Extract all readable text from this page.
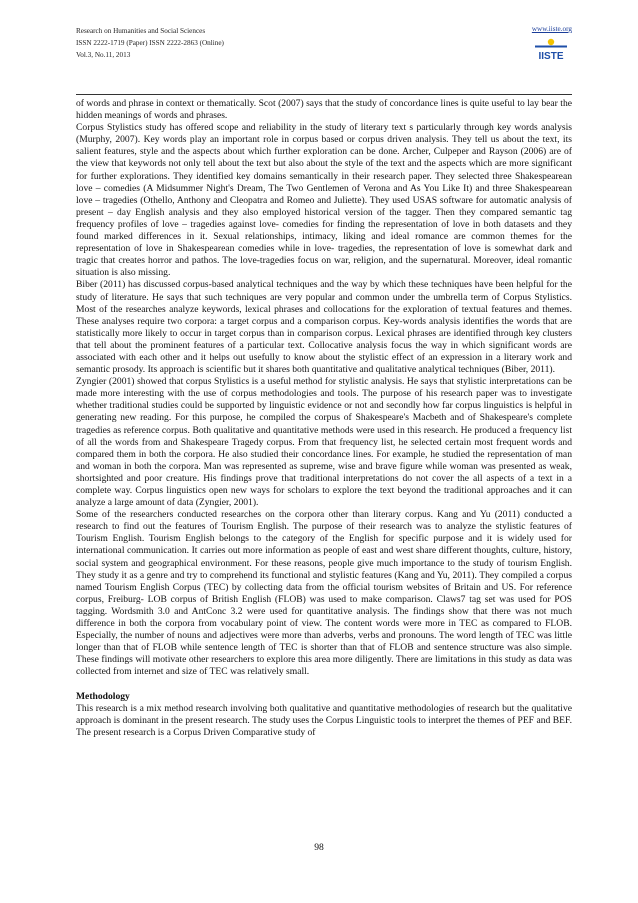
Research on Humanities and Social Sciences
ISSN 2222-1719 (Paper) ISSN 2222-2863 (Online)
Vol.3, No.11, 2013
www.iiste.org
IISTE

of words and phrase in context or thematically. Scot (2007) says that the study of concordance lines is quite useful to lay bear the hidden meanings of words and phrases.

Corpus Stylistics study has offered scope and reliability in the study of literary text s particularly through key words analysis (Murphy, 2007). Key words play an important role in corpus based or corpus driven analysis. They tell us about the text, its salient features, style and the aspects about which further exploration can be done. Archer, Culpeper and Rayson (2006) are of the view that keywords not only tell about the text but also about the style of the text and the aspects which are more significant for further explorations. They identified key domains semantically in their research paper. They selected three Shakespearean love – comedies (A Midsummer Night's Dream, The Two Gentlemen of Verona and As You Like It) and three Shakespearean love – tragedies (Othello, Anthony and Cleopatra and Romeo and Juliette). They used USAS software for automatic analysis of present – day English analysis and they also employed historical version of the tagger. Then they compared semantic tag frequency profiles of love – tragedies against love- comedies for finding the representation of love in both datasets and they found marked differences in it. Sexual relationships, intimacy, liking and ideal romance are common themes for the representation of love in Shakespearean comedies while in love- tragedies, the representation of love is somewhat dark and tragic that creates horror and pathos. The love-tragedies focus on war, religion, and the supernatural. Moreover, ideal romantic situation is also missing.

Biber (2011) has discussed corpus-based analytical techniques and the way by which these techniques have been helpful for the study of literature. He says that such techniques are very popular and common under the umbrella term of Corpus Stylistics. Most of the researches analyze keywords, lexical phrases and collocations for the exploration of textual features and themes. These analyses require two corpora: a target corpus and a comparison corpus. Key-words analysis identifies the words that are statistically more likely to occur in target corpus than in comparison corpus. Lexical phrases are identified through key clusters that tell about the prominent features of a particular text. Collocative analysis focus the way in which significant words are associated with each other and it helps out usefully to know about the stylistic effect of an expression in a literary work and semantic prosody. Its approach is scientific but it shares both quantitative and qualitative analytical techniques (Biber, 2011).

Zyngier (2001) showed that corpus Stylistics is a useful method for stylistic analysis. He says that stylistic interpretations can be made more interesting with the use of corpus methodologies and tools. The purpose of his research paper was to investigate whether traditional studies could be supported by linguistic evidence or not and secondly how far corpus linguistics is helpful in generating new reading. For this purpose, he compiled the corpus of Shakespeare's Macbeth and of Shakespeare's complete tragedies as reference corpus. Both qualitative and quantitative methods were used in this research. He produced a frequency list of all the words from and Shakespeare Tragedy corpus. From that frequency list, he selected certain most frequent words and compared them in both the corpora. He also studied their concordance lines. For example, he studied the representation of man and woman in both the corpora. Man was represented as supreme, wise and brave figure while woman was presented as weak, shortsighted and poor creature. His findings prove that traditional interpretations do not cover the all aspects of a text in a complete way. Corpus linguistics open new ways for scholars to explore the text beyond the traditional approaches and it can analyze a large amount of data (Zyngier, 2001).

Some of the researchers conducted researches on the corpora other than literary corpus. Kang and Yu (2011) conducted a research to find out the features of Tourism English. The purpose of their research was to analyze the stylistic features of Tourism English. Tourism English belongs to the category of the English for specific purpose and it is widely used for international communication. It carries out more information as people of east and west share different thoughts, culture, history, social system and geographical environment. For these reasons, people give much importance to the study of tourism English. They study it as a genre and try to comprehend its functional and stylistic features (Kang and Yu, 2011). They compiled a corpus named Tourism English Corpus (TEC) by collecting data from the official tourism websites of Britain and US. For reference corpus, Freiburg- LOB corpus of British English (FLOB) was used to make comparison. Claws7 tag set was used for POS tagging. Wordsmith 3.0 and AntConc 3.2 were used for quantitative analysis. The findings show that there was not much difference in both the corpora from vocabulary point of view. The content words were more in TEC as compared to FLOB. Especially, the number of nouns and adjectives were more than adverbs, verbs and pronouns. The word length of TEC was little longer than that of FLOB while sentence length of TEC is shorter than that of FLOB and sentence structure was also simple. These findings will motivate other researchers to explore this area more diligently. There are limitations in this study as data was collected from internet and size of TEC was relatively small.

Methodology

This research is a mix method research involving both qualitative and quantitative methodologies of research but the qualitative approach is dominant in the present research. The study uses the Corpus Linguistic tools to interpret the themes of PEF and BEF. The present research is a Corpus Driven Comparative study of

98
